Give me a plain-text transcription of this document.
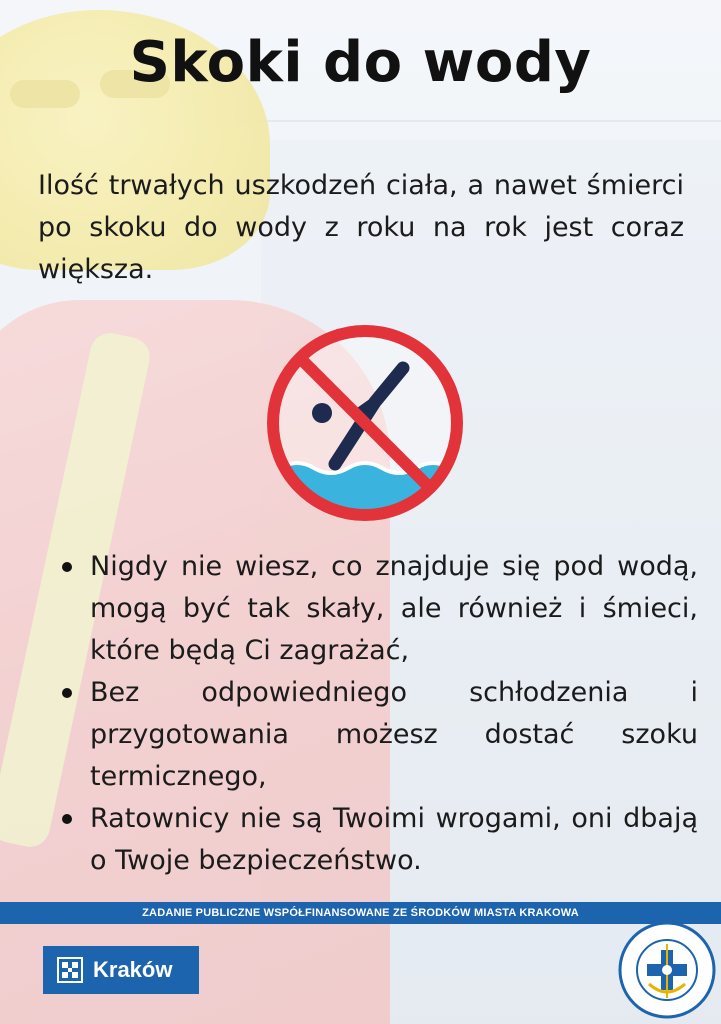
Skoki do wody

Ilość trwałych uszkodzeń ciała, a nawet śmierci po skoku do wody z roku na rok jest coraz większa.

Nigdy nie wiesz, co znajduje się pod wodą, mogą być tak skały, ale również i śmieci, które będą Ci zagrażać,
Bez odpowiedniego schłodzenia i przygotowania możesz dostać szoku termicznego,
Ratownicy nie są Twoimi wrogami, oni dbają o Twoje bezpieczeństwo.
ZADANIE PUBLICZNE WSPÓŁFINANSOWANE ZE ŚRODKÓW MIASTA KRAKOWA
Kraków
